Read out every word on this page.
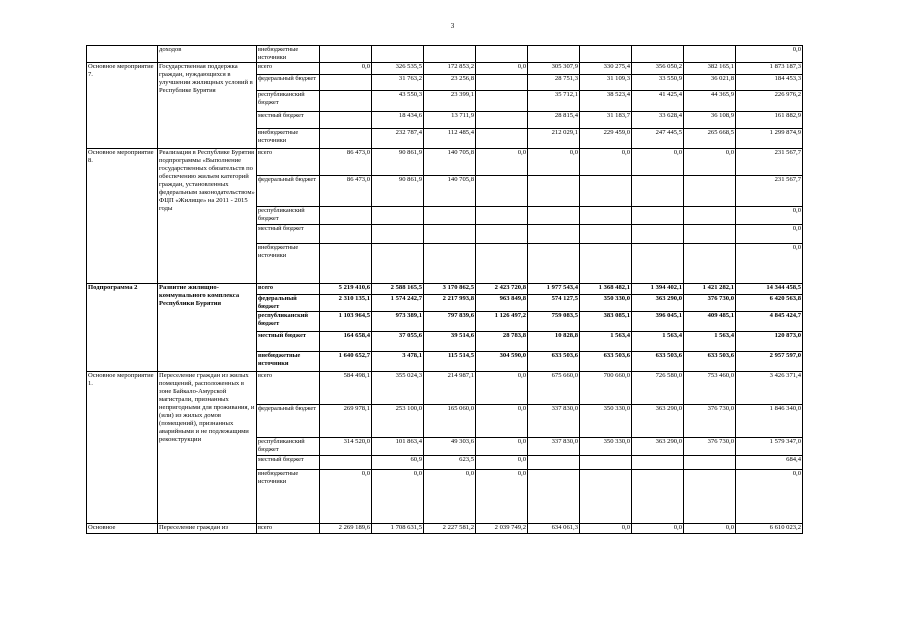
3
	доходов	внебюджетные источники									0,0
Основное мероприятие 7.	Государственная поддержка граждан, нуждающихся в улучшении жилищных условий в Республике Бурятия	всего	0,0	326 535,5	172 853,2	0,0	305 307,9	330 275,4	356 050,2	382 165,1	1 873 187,3
		федеральный бюджет		31 763,2	23 256,8		28 751,3	31 109,3	33 550,9	36 021,8	184 453,3
		республиканский бюджет		43 550,3	23 399,1		35 712,1	38 523,4	41 425,4	44 365,9	226 976,2
		местный бюджет		18 434,6	13 711,9		28 815,4	31 183,7	33 628,4	36 108,9	161 882,9
		внебюджетные источники		232 787,4	112 485,4		212 029,1	229 459,0	247 445,5	265 668,5	1 299 874,9
Основное мероприятие 8.	Реализация в Республике Бурятия подпрограммы «Выполнение государственных обязательств по обеспечению жильем категорий граждан, установленных федеральным законодательством» ФЦП «Жилище» на 2011 - 2015 годы	всего	86 473,0	90 861,9	140 705,8	0,0	0,0	0,0	0,0	0,0	231 567,7
		федеральный бюджет	86 473,0	90 861,9	140 705,8						231 567,7
		республиканский бюджет									0,0
		местный бюджет									0,0
		внебюджетные источники									0,0
Подпрограмма 2	Развитие жилищно-коммунального комплекса Республики Бурятия	всего	5 219 410,6	2 588 165,5	3 170 862,5	2 423 720,8	1 977 543,4	1 368 482,1	1 394 402,1	1 421 282,1	14 344 458,5
		федеральный бюджет	2 310 135,1	1 574 242,7	2 217 993,8	963 849,8	574 127,5	350 330,0	363 290,0	376 730,0	6 420 563,8
		республиканский бюджет	1 103 964,5	973 389,1	797 839,6	1 126 497,2	759 083,5	383 085,1	396 045,1	409 485,1	4 845 424,7
		местный бюджет	164 658,4	37 055,6	39 514,6	28 783,8	10 828,8	1 563,4	1 563,4	1 563,4	120 873,0
		внебюджетные источники	1 640 652,7	3 478,1	115 514,5	304 590,0	633 503,6	633 503,6	633 503,6	633 503,6	2 957 597,0
Основное мероприятие 1.	Переселение граждан из жилых помещений, расположенных в зоне Байкало-Амурской магистрали, признанных непригодными для проживания, и (или) из жилых домов (помещений), признанных аварийными и не подлежащими реконструкции	всего	584 498,1	355 024,3	214 987,1	0,0	675 660,0	700 660,0	726 580,0	753 460,0	3 426 371,4
		федеральный бюджет	269 978,1	253 100,0	165 060,0	0,0	337 830,0	350 330,0	363 290,0	376 730,0	1 846 340,0
		республиканский бюджет	314 520,0	101 863,4	49 303,6	0,0	337 830,0	350 330,0	363 290,0	376 730,0	1 579 347,0
		местный бюджет		60,9	623,5	0,0					684,4
		внебюджетные источники	0,0	0,0	0,0	0,0					0,0
Основное	Переселение граждан из	всего	2 269 189,6	1 708 631,5	2 227 581,2	2 039 749,2	634 061,3	0,0	0,0	0,0	6 610 023,2
